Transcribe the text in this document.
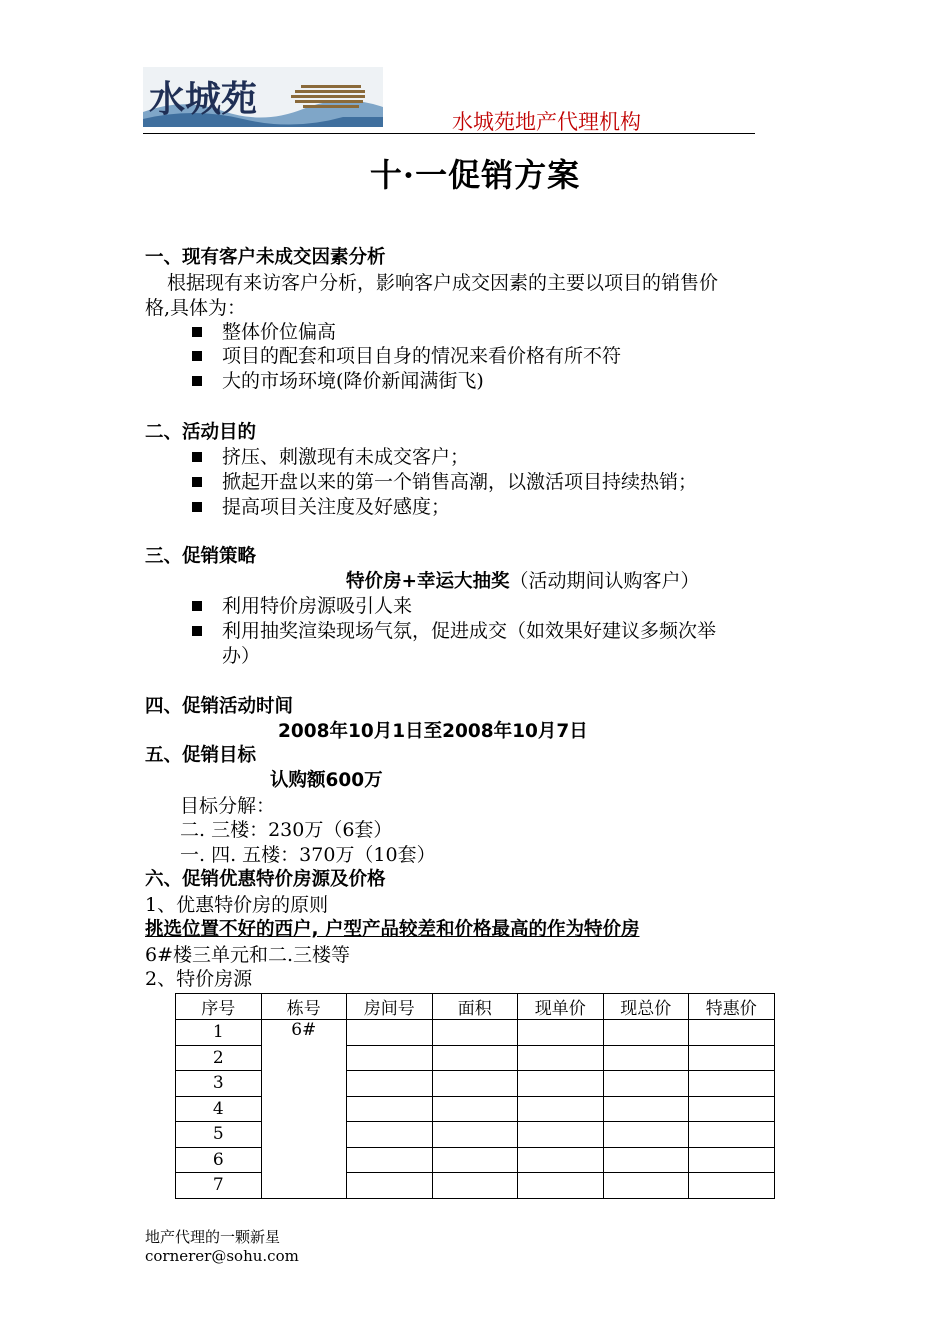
水城苑
水城苑地产代理机构
十·一促销方案
一、现有客户未成交因素分析
根据现有来访客户分析，影响客户成交因素的主要以项目的销售价
格,具体为：
整体价位偏高
项目的配套和项目自身的情况来看价格有所不符
大的市场环境(降价新闻满街飞)
二、活动目的
挤压、刺激现有未成交客户；
掀起开盘以来的第一个销售高潮，以激活项目持续热销；
提高项目关注度及好感度；
三、促销策略
特价房+幸运大抽奖（活动期间认购客户）
利用特价房源吸引人来
利用抽奖渲染现场气氛，促进成交（如效果好建议多频次举
办）
四、促销活动时间
2008年10月1日至2008年10月7日
五、促销目标
认购额600万
目标分解：
二. 三楼：230万（6套）
一. 四. 五楼：370万（10套）
六、促销优惠特价房源及价格
1、优惠特价房的原则
挑选位置不好的西户, 户型产品较差和价格最高的作为特价房
6#楼三单元和二.三楼等
2、特价房源
序号	栋号	房间号	面积	现单价	现总价	特惠价
1	6#					
2						
3						
4						
5						
6						
7						
地产代理的一颗新星
cornerer@sohu.com
